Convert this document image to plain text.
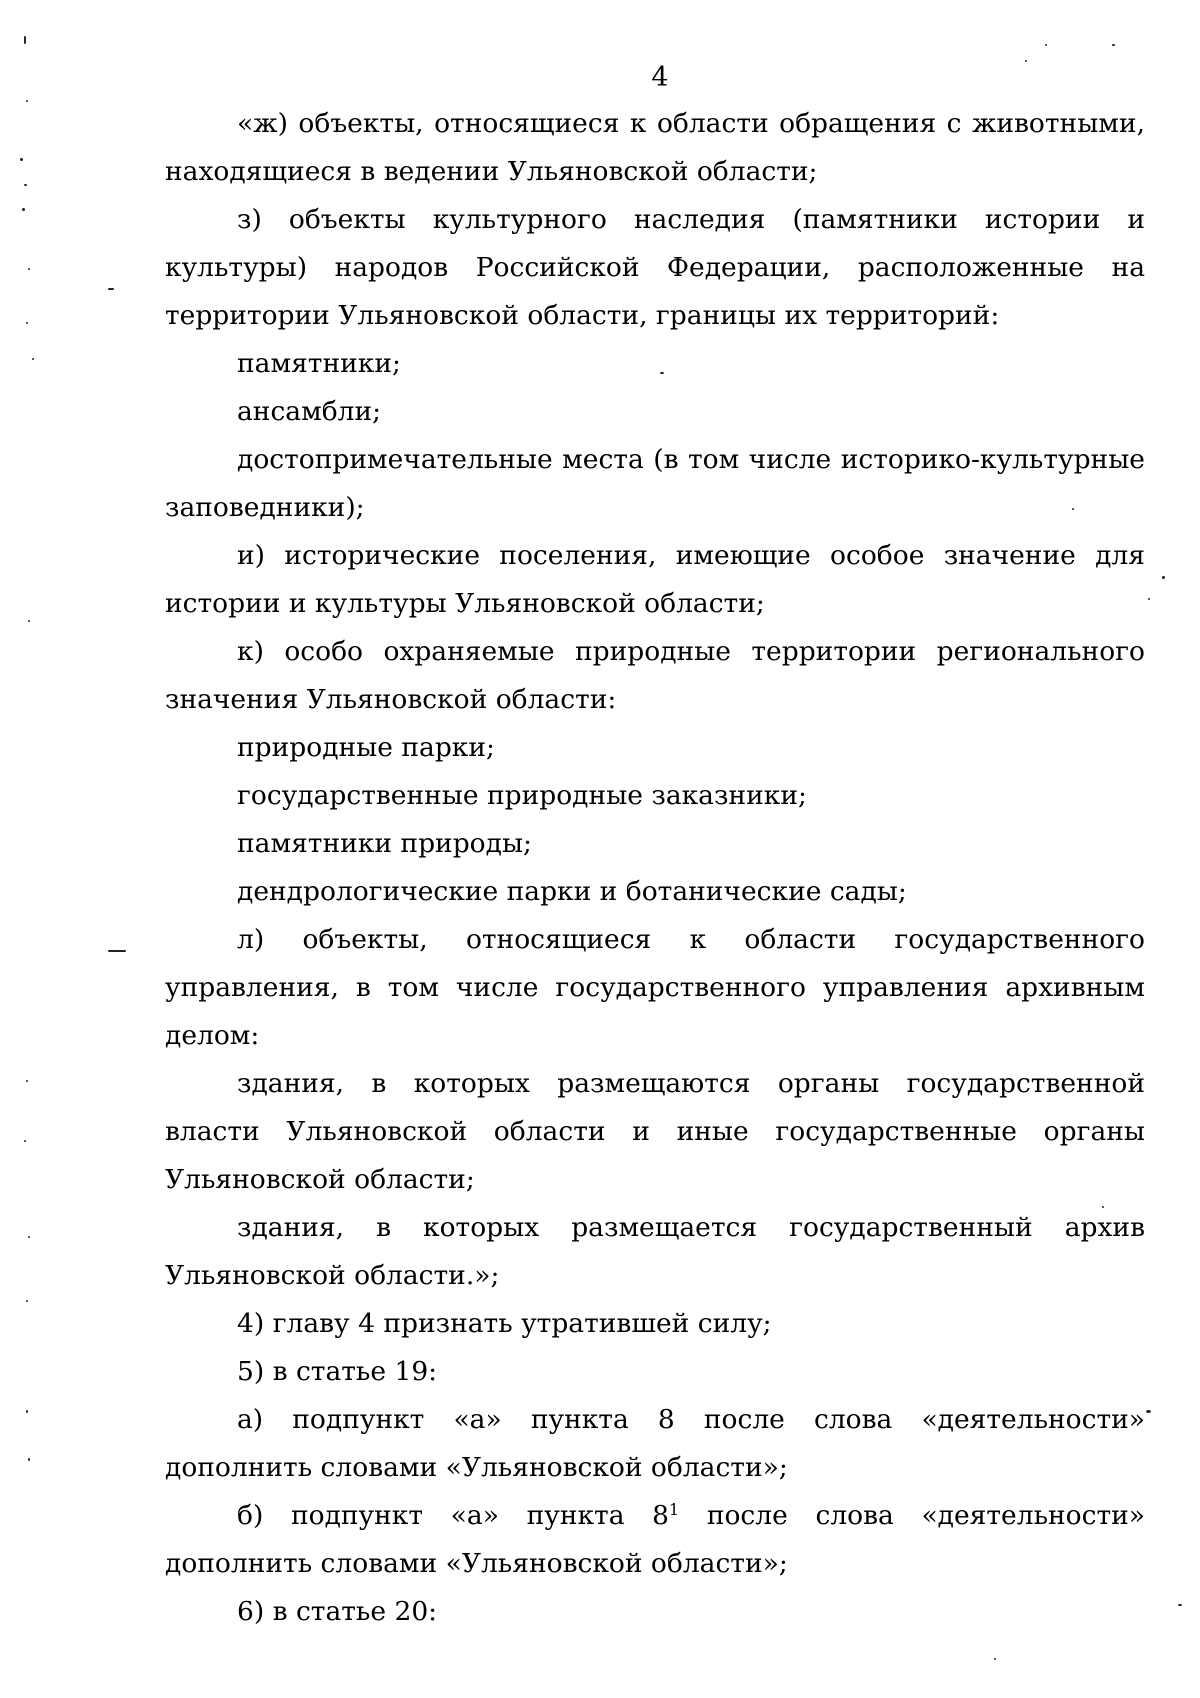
4

«ж) объекты, относящиеся к области обращения с животными, находящиеся в ведении Ульяновской области;

з) объекты культурного наследия (памятники истории и культуры) народов Российской Федерации, расположенные на территории Ульяновской области, границы их территорий:

памятники;

ансамбли;

достопримечательные места (в том числе историко-культурные заповедники);

и) исторические поселения, имеющие особое значение для истории и культуры Ульяновской области;

к) особо охраняемые природные территории регионального значения Ульяновской области:

природные парки;

государственные природные заказники;

памятники природы;

дендрологические парки и ботанические сады;

л) объекты, относящиеся к области государственного управления, в том числе государственного управления архивным делом:

здания, в которых размещаются органы государственной власти Ульяновской области и иные государственные органы Ульяновской области;

здания, в которых размещается государственный архив Ульяновской области.»;

4) главу 4 признать утратившей силу;

5) в статье 19:

а) подпункт «а» пункта 8 после слова «деятельности» дополнить словами «Ульяновской области»;

б) подпункт «а» пункта $8^1$ после слова «деятельности» дополнить словами «Ульяновской области»;

6) в статье 20:
